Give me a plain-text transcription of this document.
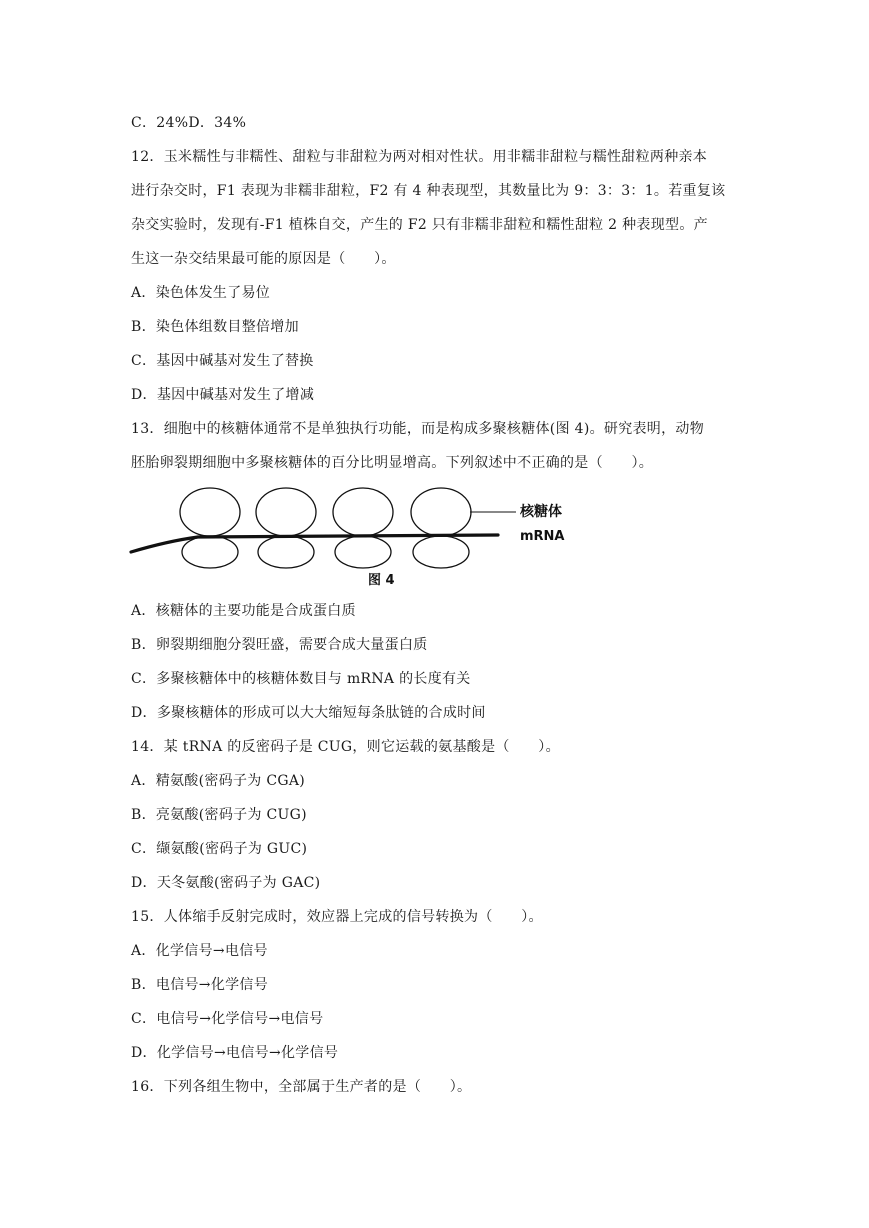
C．24%D．34%
12．玉米糯性与非糯性、甜粒与非甜粒为两对相对性状。用非糯非甜粒与糯性甜粒两种亲本
进行杂交时，F1 表现为非糯非甜粒，F2 有 4 种表现型，其数量比为 9：3：3：1。若重复该
杂交实验时，发现有-F1 植株自交，产生的 F2 只有非糯非甜粒和糯性甜粒 2 种表现型。产
生这一杂交结果最可能的原因是（　　）。
A．染色体发生了易位
B．染色体组数目整倍增加
C．基因中碱基对发生了替换
D．基因中碱基对发生了增减
13．细胞中的核糖体通常不是单独执行功能，而是构成多聚核糖体(图 4)。研究表明，动物
胚胎卵裂期细胞中多聚核糖体的百分比明显增高。下列叙述中不正确的是（　　）。
核糖体
mRNA
图 4
A．核糖体的主要功能是合成蛋白质
B．卵裂期细胞分裂旺盛，需要合成大量蛋白质
C．多聚核糖体中的核糖体数目与 mRNA 的长度有关
D．多聚核糖体的形成可以大大缩短每条肽链的合成时间
14．某 tRNA 的反密码子是 CUG，则它运载的氨基酸是（　　）。
A．精氨酸(密码子为 CGA)
B．亮氨酸(密码子为 CUG)
C．缬氨酸(密码子为 GUC)
D．天冬氨酸(密码子为 GAC)
15．人体缩手反射完成时，效应器上完成的信号转换为（　　）。
A．化学信号→电信号
B．电信号→化学信号
C．电信号→化学信号→电信号
D．化学信号→电信号→化学信号
16．下列各组生物中，全部属于生产者的是（　　）。
